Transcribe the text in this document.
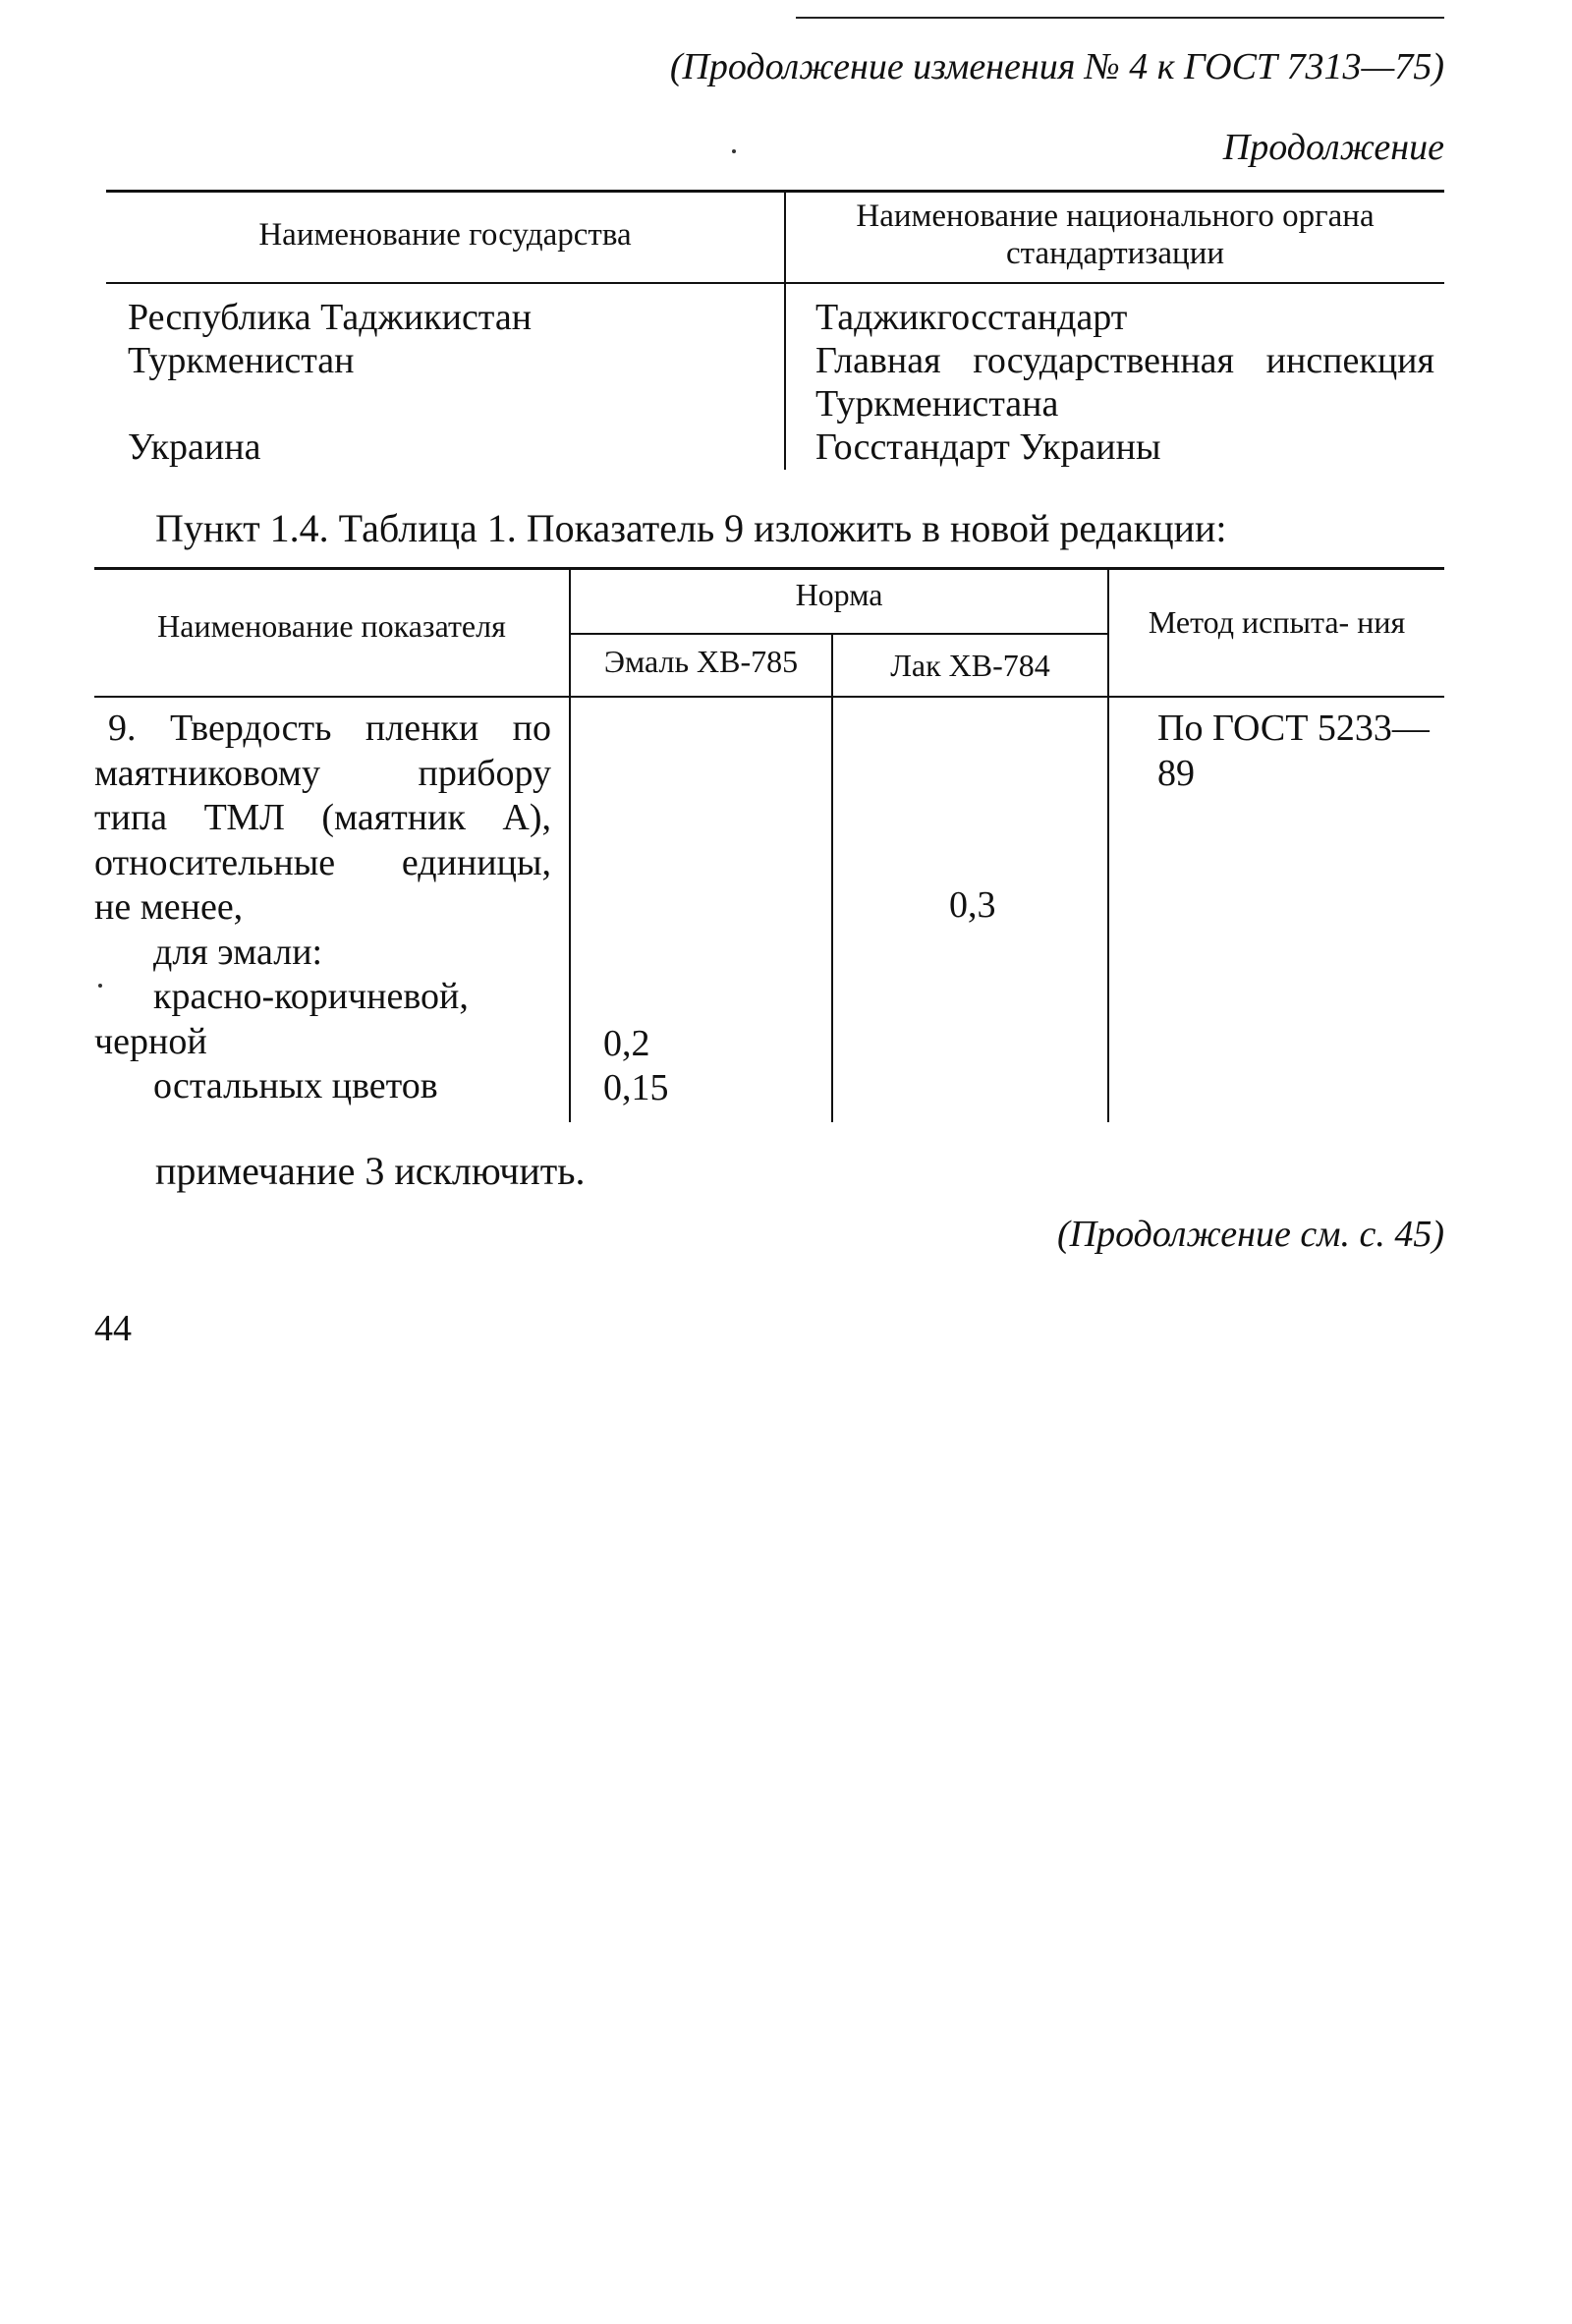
(Продолжение изменения № 4 к ГОСТ 7313—75)
Продолжение
Наименование государства
Наименование национального органа стандартизации
Республика Таджикистан
Туркменистан
Украина
Таджикгосстандарт
Главная государственная инспекция Туркменистана
Госстандарт Украины
Пункт 1.4. Таблица 1. Показатель 9 изложить в новой редакции:
Наименование показателя
Норма
Эмаль ХВ-785	Лак ХВ-784
Метод испыта- ния
9. Твердость пленки по
маятниковому прибору
типа ТМЛ (маятник А),
относительные единицы,
не менее,
для эмали:
красно-коричневой,
черной
остальных цветов
0,3
0,2
0,15
По ГОСТ 5233—89
примечание 3 исключить.
(Продолжение см. с. 45)
44
